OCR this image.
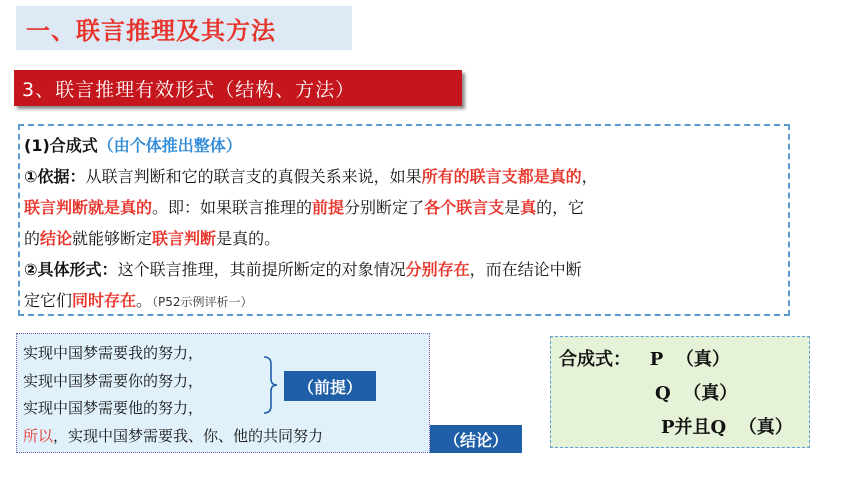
一、联言推理及其方法
3、联言推理有效形式（结构、方法）
(1)合成式（由个体推出整体）
①依据：从联言判断和它的联言支的真假关系来说，如果所有的联言支都是真的，
联言判断就是真的。即：如果联言推理的前提分别断定了各个联言支是真的，它
的结论就能够断定联言判断是真的。
②具体形式：这个联言推理，其前提所断定的对象情况分别存在，而在结论中断
定它们同时存在。（P52示例评析一）
实现中国梦需要我的努力，
实现中国梦需要你的努力，
实现中国梦需要他的努力，
所以，实现中国梦需要我、你、他的共同努力
（前提）
（结论）
合成式：   P  （真）
Q  （真）
P并且Q  （真）
